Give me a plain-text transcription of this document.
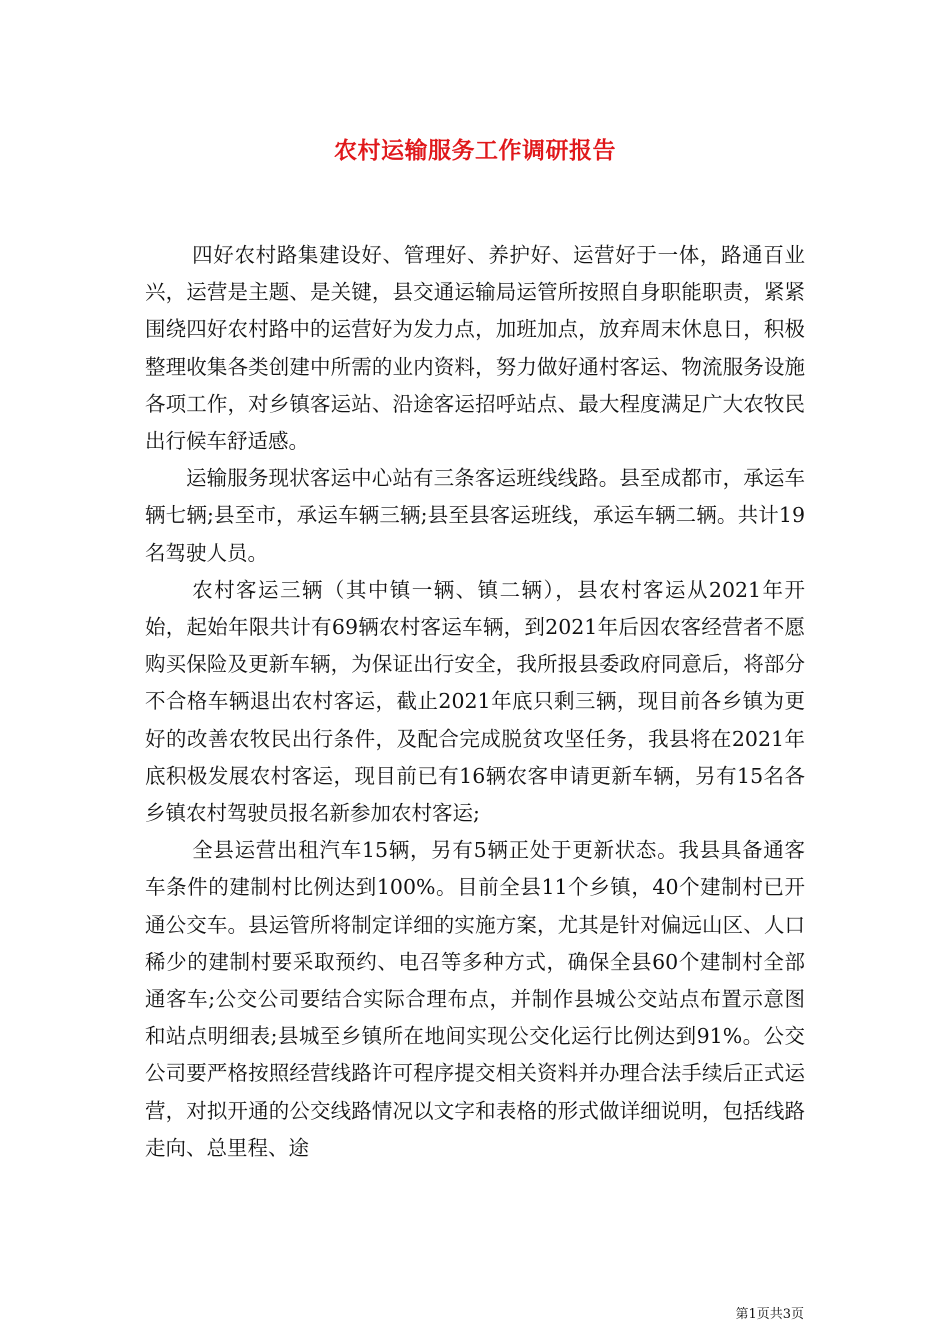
农村运输服务工作调研报告

四好农村路集建设好、管理好、养护好、运营好于一体，路通百业兴，运营是主题、是关键，县交通运输局运管所按照自身职能职责，紧紧围绕四好农村路中的运营好为发力点，加班加点，放弃周末休息日，积极整理收集各类创建中所需的业内资料，努力做好通村客运、物流服务设施各项工作，对乡镇客运站、沿途客运招呼站点、最大程度满足广大农牧民出行候车舒适感。

运输服务现状客运中心站有三条客运班线线路。县至成都市，承运车辆七辆;县至市，承运车辆三辆;县至县客运班线，承运车辆二辆。共计19名驾驶人员。

农村客运三辆（其中镇一辆、镇二辆），县农村客运从2021年开始，起始年限共计有69辆农村客运车辆，到2021年后因农客经营者不愿购买保险及更新车辆，为保证出行安全，我所报县委政府同意后，将部分不合格车辆退出农村客运，截止2021年底只剩三辆，现目前各乡镇为更好的改善农牧民出行条件，及配合完成脱贫攻坚任务，我县将在2021年底积极发展农村客运，现目前已有16辆农客申请更新车辆，另有15名各乡镇农村驾驶员报名新参加农村客运;

全县运营出租汽车15辆，另有5辆正处于更新状态。我县具备通客车条件的建制村比例达到100%。目前全县11个乡镇，40个建制村已开通公交车。县运管所将制定详细的实施方案，尤其是针对偏远山区、人口稀少的建制村要采取预约、电召等多种方式，确保全县60个建制村全部通客车;公交公司要结合实际合理布点，并制作县城公交站点布置示意图和站点明细表;县城至乡镇所在地间实现公交化运行比例达到91%。公交公司要严格按照经营线路许可程序提交相关资料并办理合法手续后正式运营，对拟开通的公交线路情况以文字和表格的形式做详细说明，包括线路走向、总里程、途

第1页共3页
